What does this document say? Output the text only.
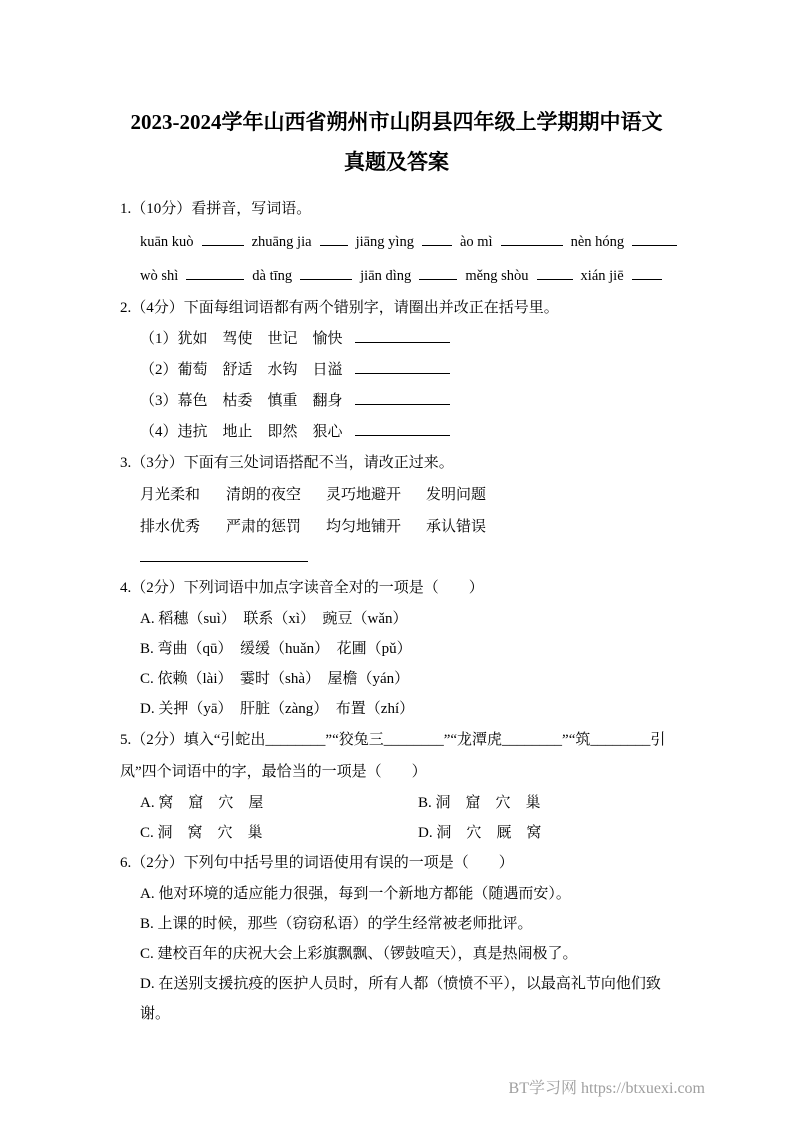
2023-2024学年山西省朔州市山阴县四年级上学期期中语文
真题及答案

1.（10分）看拼音，写词语。

kuān kuò	zhuāng jia	jiāng yìng	ào mì	nèn hóng

wò shì	dà tīng	jiān dìng	měng shòu	xián jiē

2.（4分）下面每组词语都有两个错别字，请圈出并改正在括号里。

（1）犹如　驾使　世记　愉快

（2）葡萄　舒适　水钩　日溢

（3）幕色　枯委　慎重　翻身

（4）违抗　地止　即然　狠心

3.（3分）下面有三处词语搭配不当，请改正过来。

月光柔和	清朗的夜空	灵巧地避开	发明问题

排水优秀	严肃的惩罚	均匀地铺开	承认错误

4.（2分）下列词语中加点字读音全对的一项是（　　）

A. 稻穗（suì）　联系（xì）　豌豆（wǎn）

B. 弯曲（qū）　缓缓（huǎn）　花圃（pǔ）

C. 依赖（lài）　霎时（shà）　屋檐（yán）

D. 关押（yā）　肝脏（zàng）　布置（zhí）

5.（2分）填入“引蛇出________”“狡兔三________”“龙潭虎________”“筑________引凤”四个词语中的字，最恰当的一项是（　　）

A. 窝　窟　穴　屋	B. 洞　窟　穴　巢

C. 洞　窝　穴　巢	D. 洞　穴　厩　窝

6.（2分）下列句中括号里的词语使用有误的一项是（　　）

A. 他对环境的适应能力很强，每到一个新地方都能（随遇而安）。

B. 上课的时候，那些（窃窃私语）的学生经常被老师批评。

C. 建校百年的庆祝大会上彩旗飘飘、（锣鼓喧天），真是热闹极了。

D. 在送别支援抗疫的医护人员时，所有人都（愤愤不平），以最高礼节向他们致谢。

BT学习网 https://btxuexi.com
